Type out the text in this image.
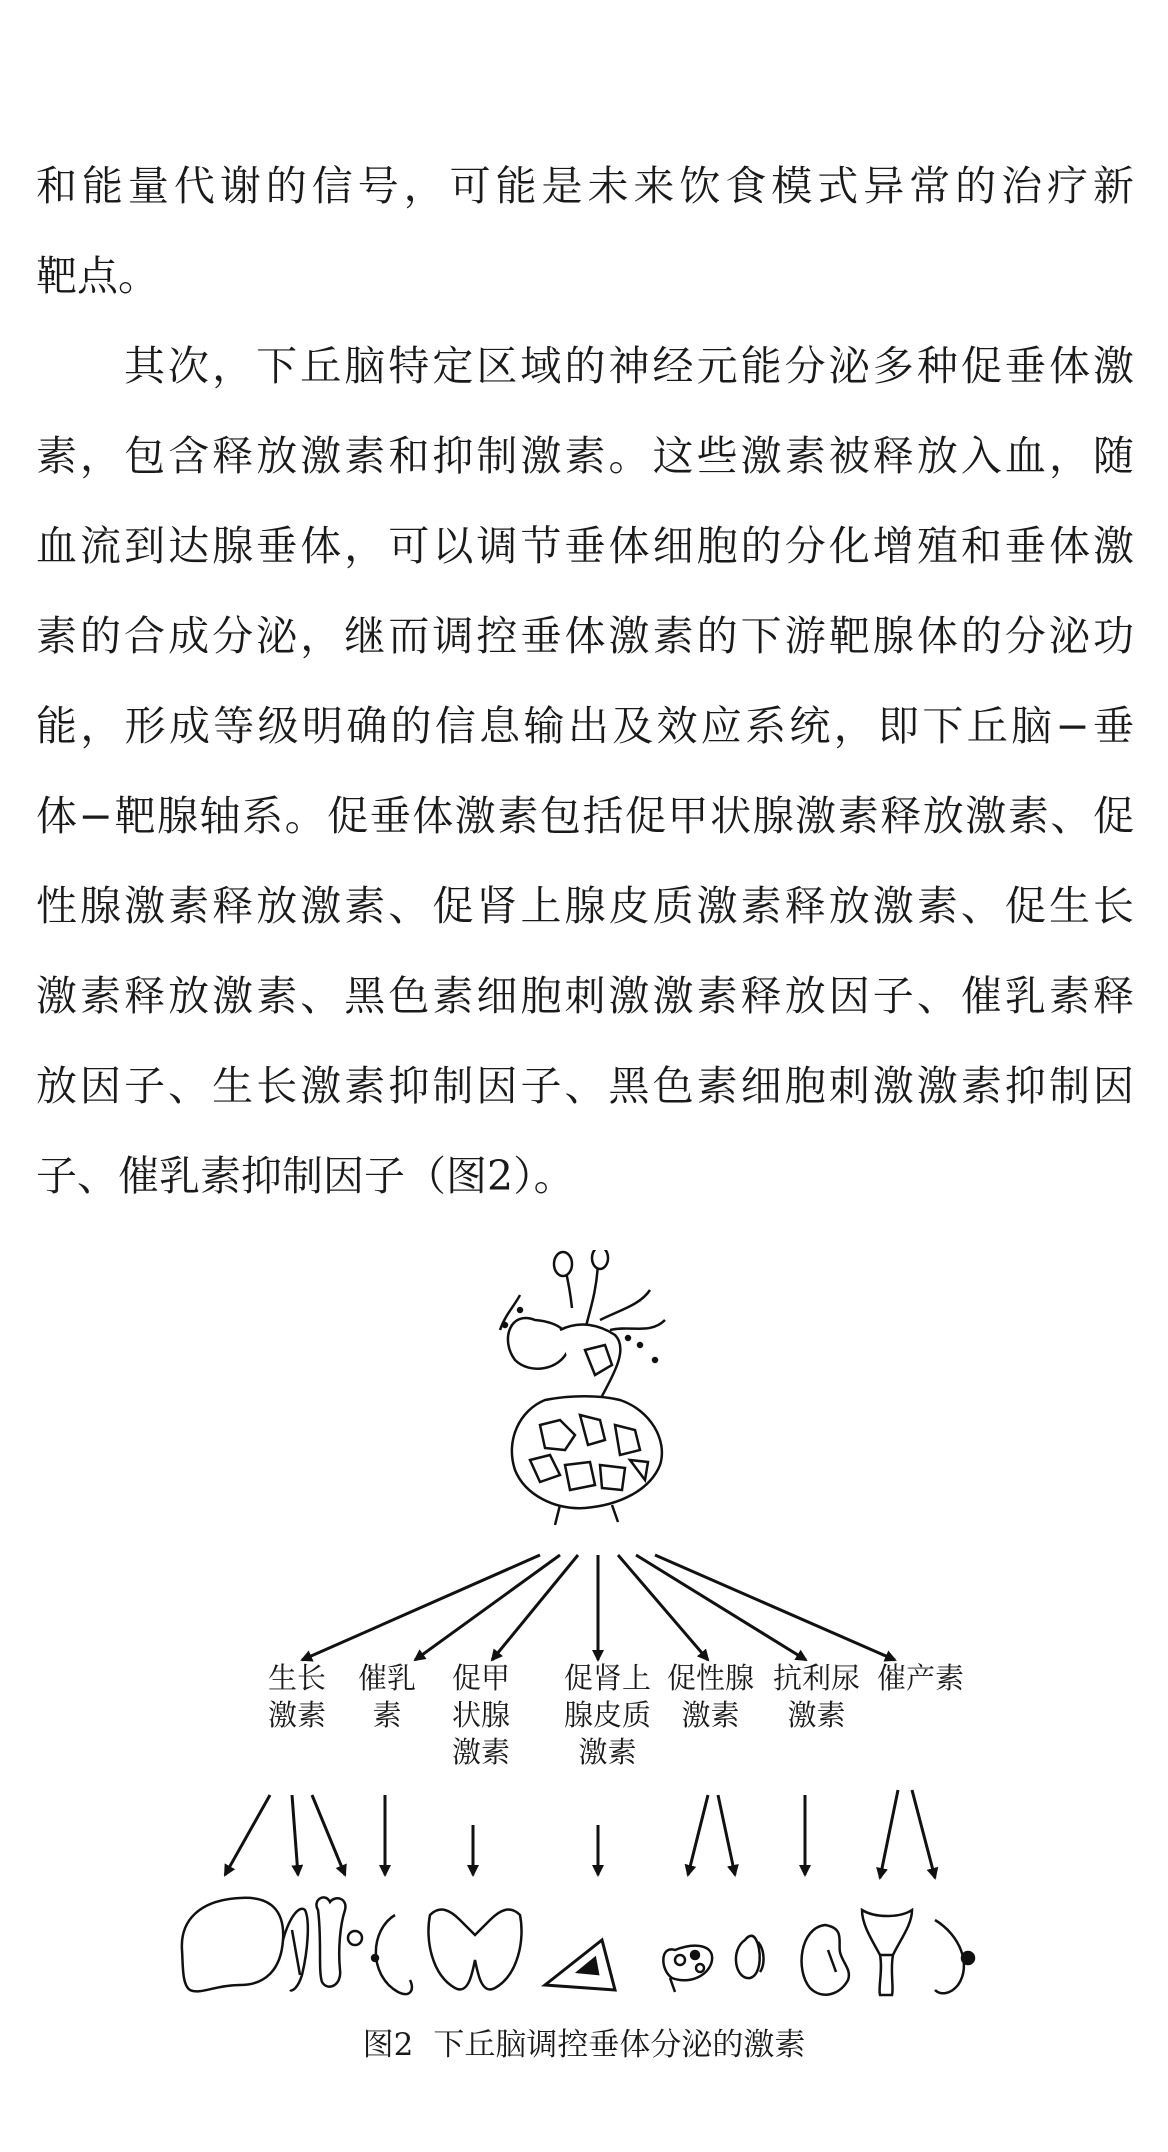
和能量代谢的信号，可能是未来饮食模式异常的治疗新
靶点。
其次，下丘脑特定区域的神经元能分泌多种促垂体激
素，包含释放激素和抑制激素。这些激素被释放入血，随
血流到达腺垂体，可以调节垂体细胞的分化增殖和垂体激
素的合成分泌，继而调控垂体激素的下游靶腺体的分泌功
能，形成等级明确的信息输出及效应系统，即下丘脑−垂
体−靶腺轴系。促垂体激素包括促甲状腺激素释放激素、促
性腺激素释放激素、促肾上腺皮质激素释放激素、促生长
激素释放激素、黑色素细胞刺激激素释放因子、催乳素释
放因子、生长激素抑制因子、黑色素细胞刺激激素抑制因
子、催乳素抑制因子（图2）。
生长
激素
催乳
素
促甲
状腺
激素
促肾上
腺皮质
激素
促性腺
激素
抗利尿
激素
催产素
图2 下丘脑调控垂体分泌的激素
